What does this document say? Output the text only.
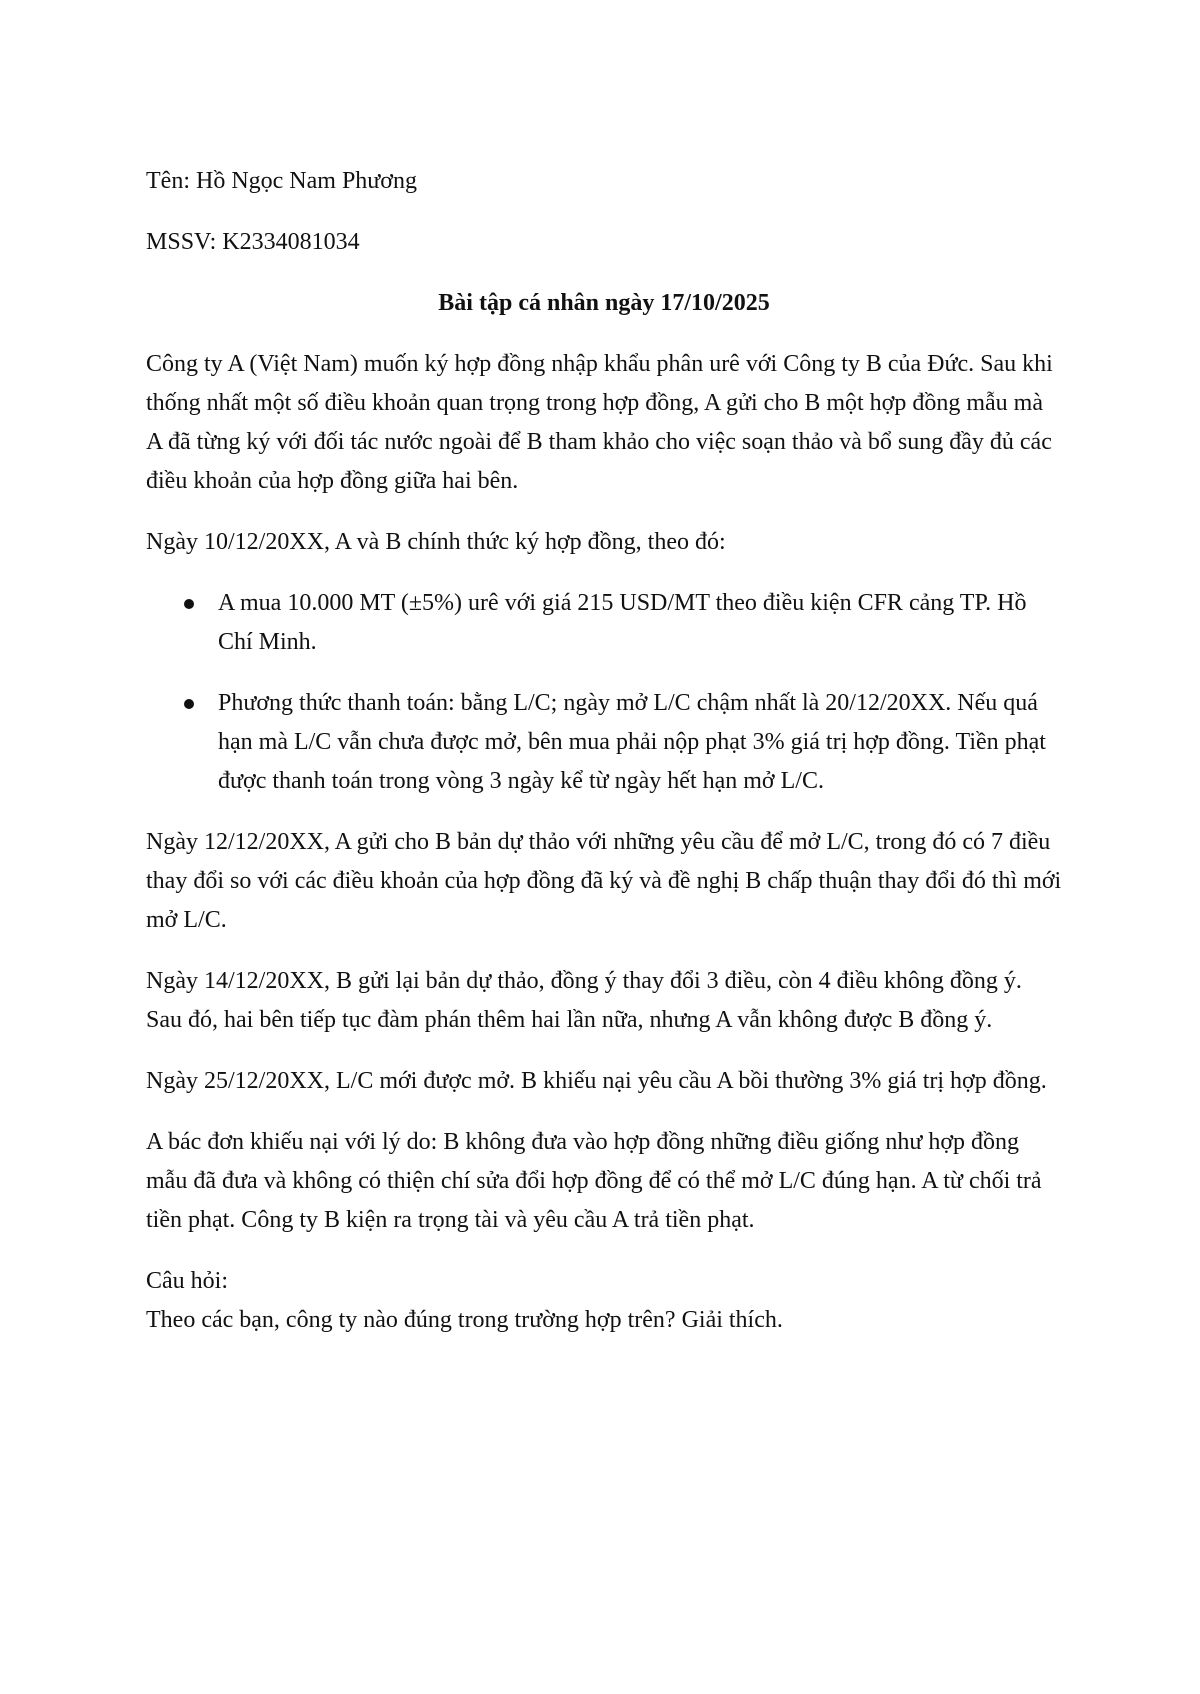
Tên: Hồ Ngọc Nam Phương

MSSV: K2334081034

Bài tập cá nhân ngày 17/10/2025

Công ty A (Việt Nam) muốn ký hợp đồng nhập khẩu phân urê với Công ty B của Đức. Sau khi thống nhất một số điều khoản quan trọng trong hợp đồng, A gửi cho B một hợp đồng mẫu mà A đã từng ký với đối tác nước ngoài để B tham khảo cho việc soạn thảo và bổ sung đầy đủ các điều khoản của hợp đồng giữa hai bên.

Ngày 10/12/20XX, A và B chính thức ký hợp đồng, theo đó:

A mua 10.000 MT (±5%) urê với giá 215 USD/MT theo điều kiện CFR cảng TP. Hồ Chí Minh.
Phương thức thanh toán: bằng L/C; ngày mở L/C chậm nhất là 20/12/20XX. Nếu quá hạn mà L/C vẫn chưa được mở, bên mua phải nộp phạt 3% giá trị hợp đồng. Tiền phạt được thanh toán trong vòng 3 ngày kể từ ngày hết hạn mở L/C.

Ngày 12/12/20XX, A gửi cho B bản dự thảo với những yêu cầu để mở L/C, trong đó có 7 điều thay đổi so với các điều khoản của hợp đồng đã ký và đề nghị B chấp thuận thay đổi đó thì mới mở L/C.

Ngày 14/12/20XX, B gửi lại bản dự thảo, đồng ý thay đổi 3 điều, còn 4 điều không đồng ý. Sau đó, hai bên tiếp tục đàm phán thêm hai lần nữa, nhưng A vẫn không được B đồng ý.

Ngày 25/12/20XX, L/C mới được mở. B khiếu nại yêu cầu A bồi thường 3% giá trị hợp đồng.

A bác đơn khiếu nại với lý do: B không đưa vào hợp đồng những điều giống như hợp đồng mẫu đã đưa và không có thiện chí sửa đổi hợp đồng để có thể mở L/C đúng hạn. A từ chối trả tiền phạt. Công ty B kiện ra trọng tài và yêu cầu A trả tiền phạt.

Câu hỏi:

Theo các bạn, công ty nào đúng trong trường hợp trên? Giải thích.
